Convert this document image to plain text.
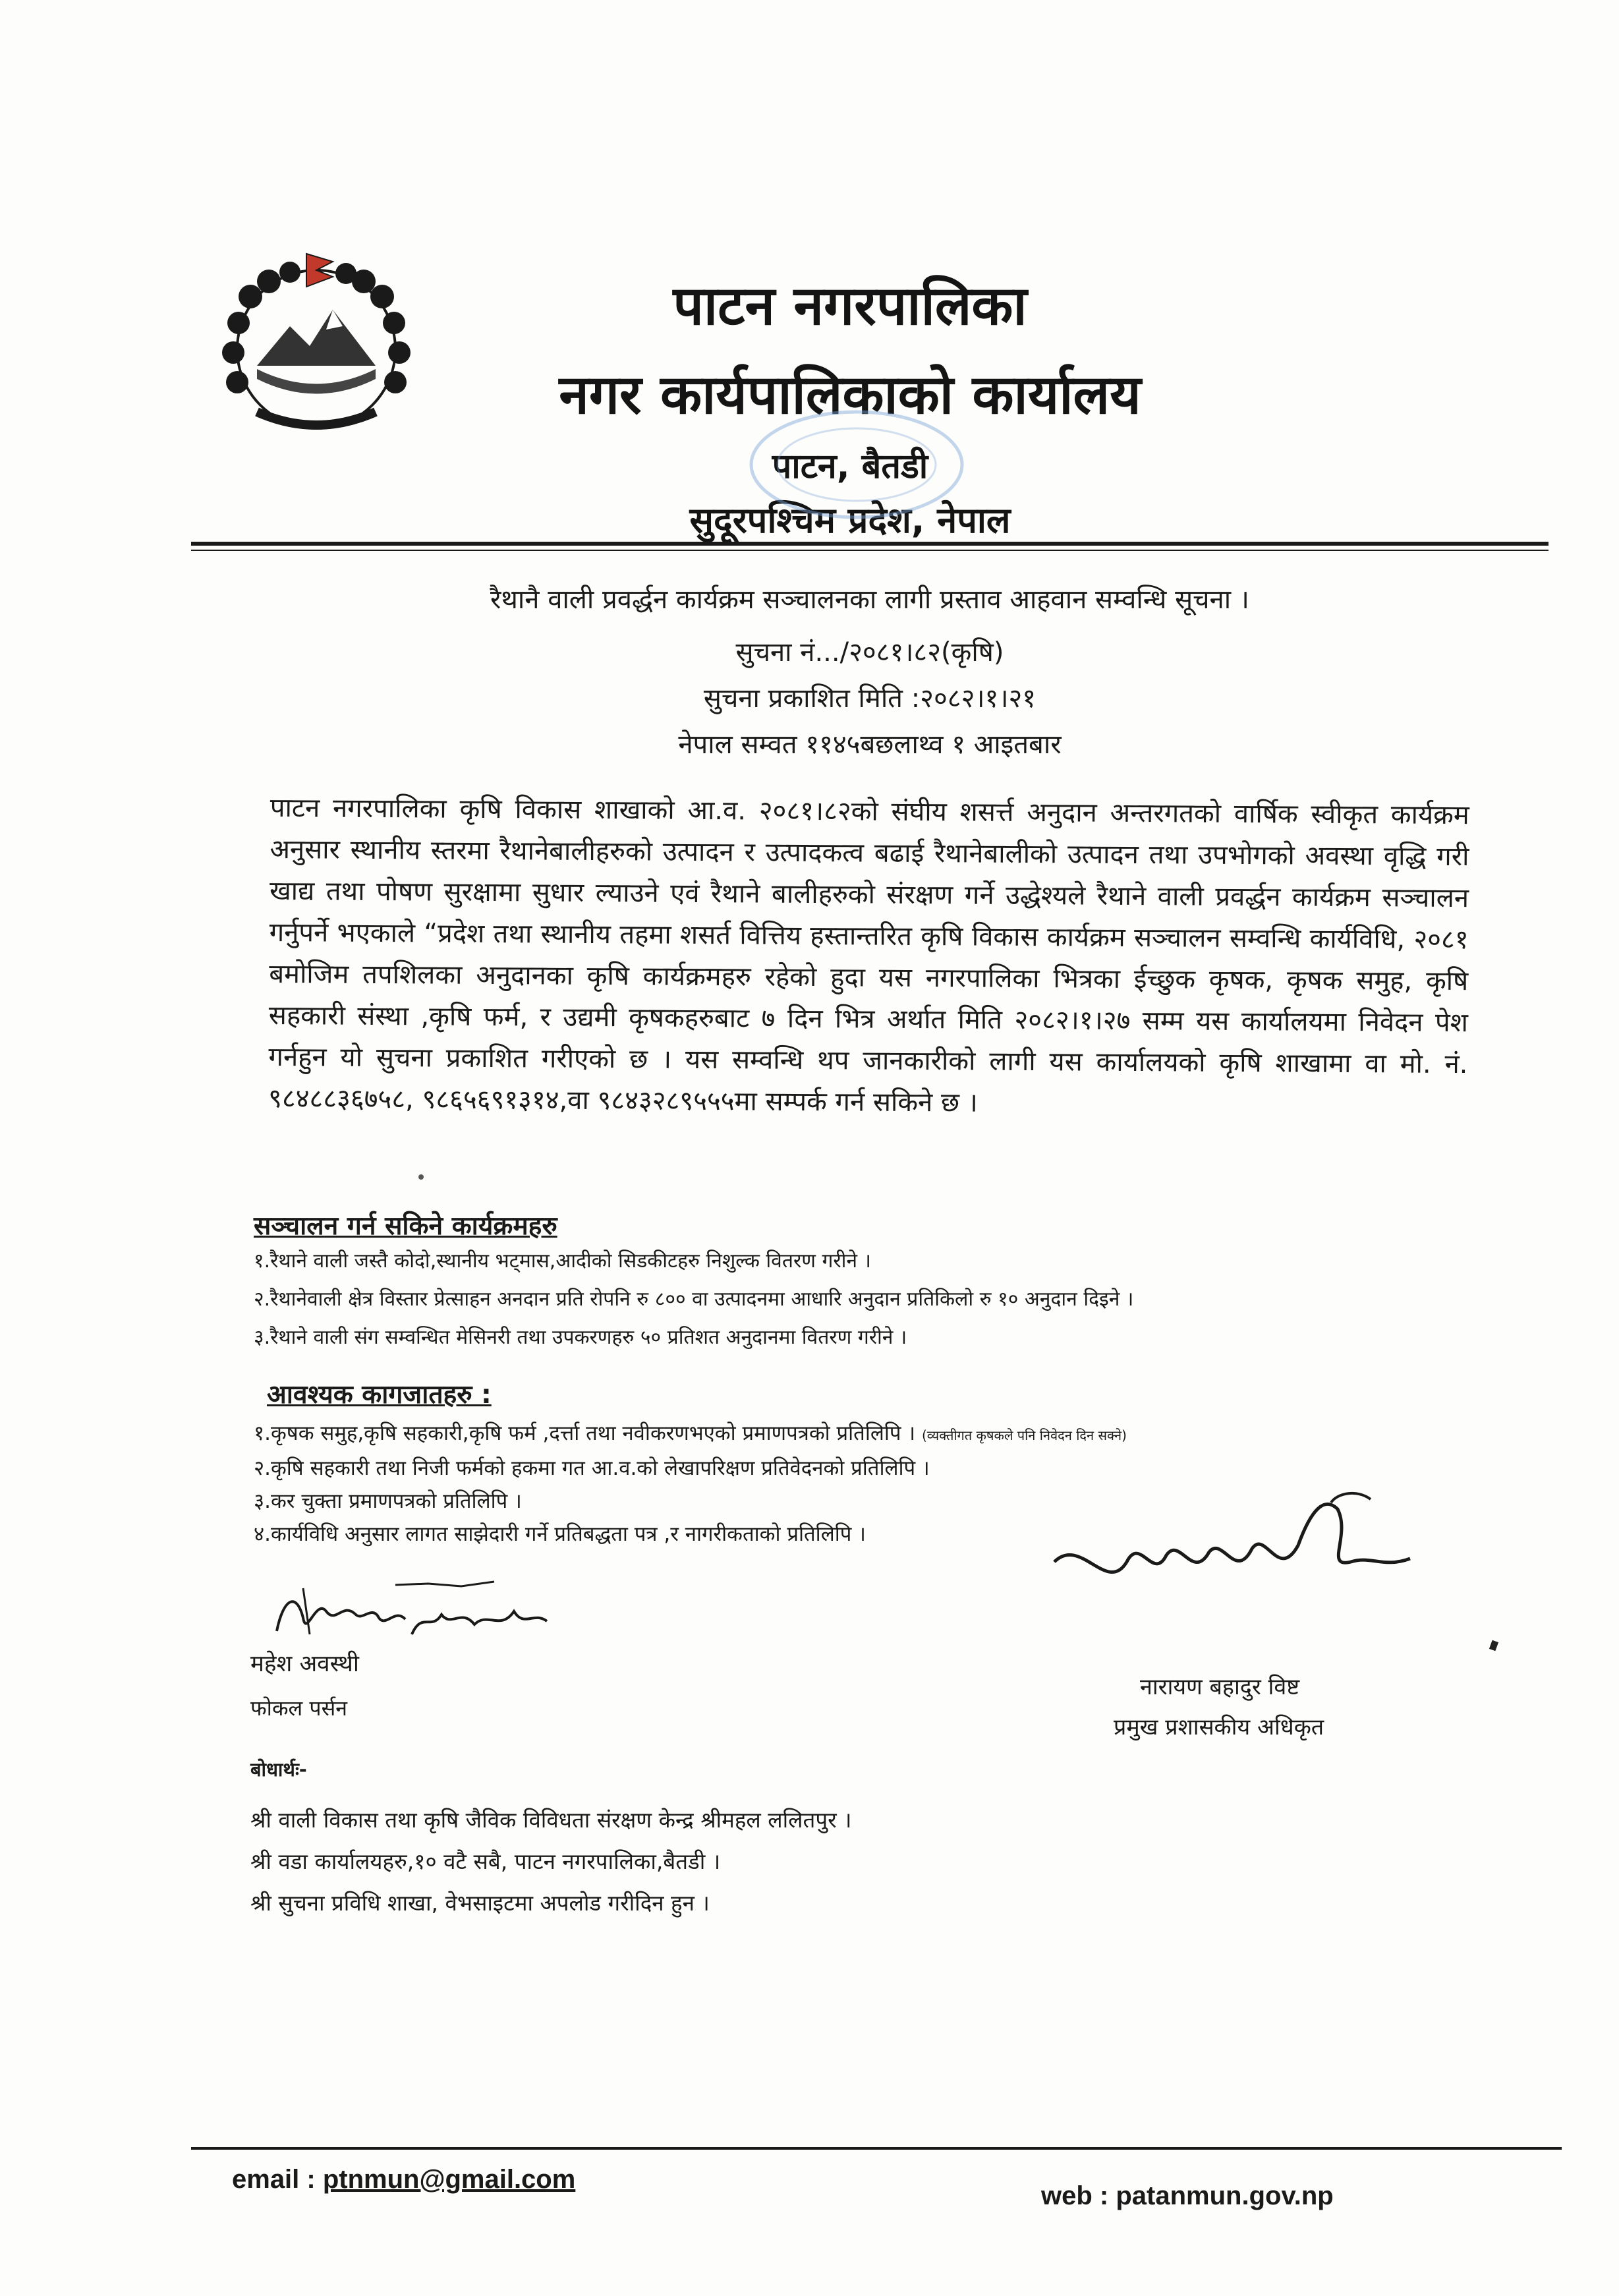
पाटन नगरपालिका
नगर कार्यपालिकाको कार्यालय
पाटन, बैतडी
सुदूरपश्चिम प्रदेश, नेपाल
रैथानै वाली प्रवर्द्धन कार्यक्रम सञ्चालनका लागी प्रस्ताव आहवान सम्वन्धि सूचना ।
सुचना नं.../२०८१।८२(कृषि)
सुचना प्रकाशित मिति :२०८२।१।२१
नेपाल सम्वत ११४५बछलाथ्व १ आइतबार
पाटन नगरपालिका कृषि विकास शाखाको आ.व. २०८१।८२को संघीय शसर्त्त अनुदान अन्तरगतको वार्षिक स्वीकृत कार्यक्रम अनुसार स्थानीय स्तरमा रैथानेबालीहरुको उत्पादन र उत्पादकत्व बढाई रैथानेबालीको उत्पादन तथा उपभोगको अवस्था वृद्धि गरी खाद्य तथा पोषण सुरक्षामा सुधार ल्याउने एवं रैथाने बालीहरुको संरक्षण गर्ने उद्धेश्यले रैथाने वाली प्रवर्द्धन कार्यक्रम सञ्चालन गर्नुपर्ने भएकाले “प्रदेश तथा स्थानीय तहमा शसर्त वित्तिय हस्तान्तरित कृषि विकास कार्यक्रम सञ्चालन सम्वन्धि कार्यविधि, २०८१ बमोजिम तपशिलका अनुदानका कृषि कार्यक्रमहरु रहेको हुदा यस नगरपालिका भित्रका ईच्छुक कृषक, कृषक समुह, कृषि सहकारी संस्था ,कृषि फर्म, र उद्यमी कृषकहरुबाट ७ दिन भित्र अर्थात मिति २०८२।१।२७ सम्म यस कार्यालयमा निवेदन पेश गर्नहुन यो सुचना प्रकाशित गरीएको छ । यस सम्वन्धि थप जानकारीको लागी यस कार्यालयको कृषि शाखामा वा मो. नं. ९८४८८३६७५८, ९८६५६९१३१४,वा ९८४३२८९५५५मा सम्पर्क गर्न सकिने छ ।
सञ्चालन गर्न सकिने कार्यक्रमहरु
१.रैथाने वाली जस्तै कोदो,स्थानीय भट्मास,आदीको सिडकीटहरु निशुल्क वितरण गरीने ।
२.रैथानेवाली क्षेत्र विस्तार प्रेत्साहन अनदान प्रति रोपनि रु ८०० वा उत्पादनमा आधारि अनुदान प्रतिकिलो रु १० अनुदान दिइने ।
३.रैथाने वाली संग सम्वन्धित मेसिनरी तथा उपकरणहरु ५० प्रतिशत अनुदानमा वितरण गरीने ।
आवश्यक कागजातहरु :
१.कृषक समुह,कृषि सहकारी,कृषि फर्म ,दर्त्ता तथा नवीकरणभएको प्रमाणपत्रको प्रतिलिपि । (व्यक्तीगत कृषकले पनि निवेदन दिन सक्ने)
२.कृषि सहकारी तथा निजी फर्मको हकमा गत आ.व.को लेखापरिक्षण प्रतिवेदनको प्रतिलिपि ।
३.कर चुक्ता प्रमाणपत्रको प्रतिलिपि ।
४.कार्यविधि अनुसार लागत साझेदारी गर्ने प्रतिबद्धता पत्र ,र नागरीकताको प्रतिलिपि ।
महेश अवस्थी
फोकल पर्सन
नारायण बहादुर विष्ट
प्रमुख प्रशासकीय अधिकृत
बोधार्थः-
श्री वाली विकास तथा कृषि जैविक विविधता संरक्षण केन्द्र श्रीमहल ललितपुर ।
श्री वडा कार्यालयहरु,१० वटै सबै, पाटन नगरपालिका,बैतडी ।
श्री सुचना प्रविधि शाखा, वेभसाइटमा अपलोड गरीदिन हुन ।
email : ptnmun@gmail.com
web : patanmun.gov.np
